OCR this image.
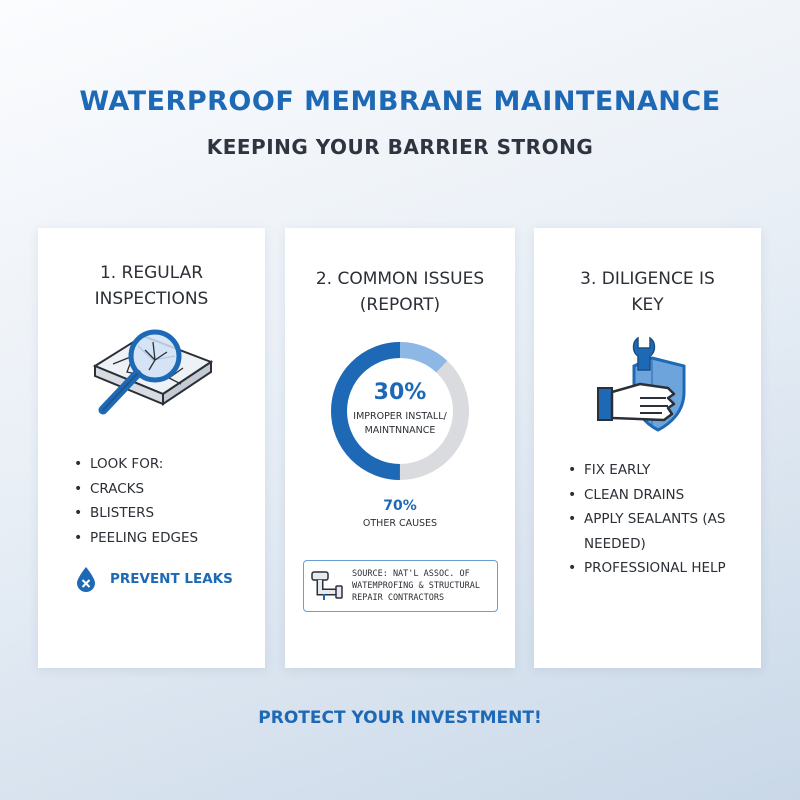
WATERPROOF MEMBRANE MAINTENANCE
KEEPING YOUR BARRIER STRONG
1. REGULAR
INSPECTIONS
• LOOK FOR:
• CRACKS
• BLISTERS
• PEELING EDGES
PREVENT LEAKS
2. COMMON ISSUES
(REPORT)
30%
IMPROPER INSTALL/
MAINTNNANCE
70%
OTHER CAUSES
SOURCE: NAT'L ASSOC. OF
WATEMPROFING & STRUCTURAL
REPAIR CONTRACTORS
3. DILIGENCE IS
KEY
• FIX EARLY
• CLEAN DRAINS
• APPLY SEALANTS (AS NEEDED)
• PROFESSIONAL HELP
PROTECT YOUR INVESTMENT!
